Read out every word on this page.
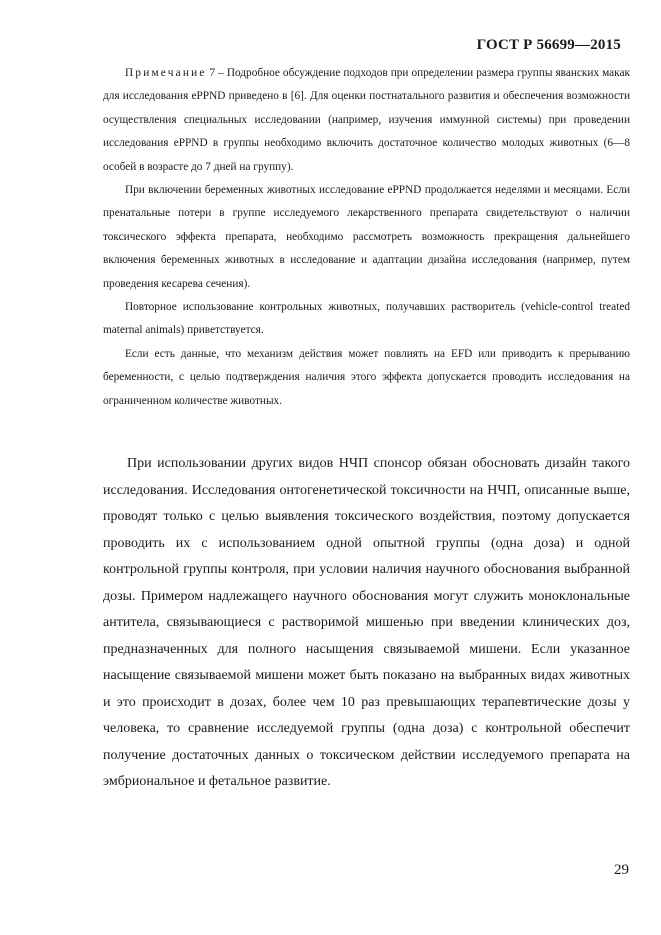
ГОСТ Р 56699—2015

Примечание 7 – Подробное обсуждение подходов при определении размера группы яванских макак для исследования ePPND приведено в [6]. Для оценки постнатального развития и обеспечения возможности осуществления специальных исследовании (например, изучения иммунной системы) при проведении исследования ePPND в группы необходимо включить достаточное количество молодых животных (6—8 особей в возрасте до 7 дней на группу).

При включении беременных животных исследование ePPND продолжается неделями и месяцами. Если пренатальные потери в группе исследуемого лекарственного препарата свидетельствуют о наличии токсического эффекта препарата, необходимо рассмотреть возможность прекращения дальнейшего включения беременных животных в исследование и адаптации дизайна исследования (например, путем проведения кесарева сечения).

Повторное использование контрольных животных, получавших растворитель (vehicle-control treated maternal animals) приветствуется.

Если есть данные, что механизм действия может повлиять на EFD или приводить к прерыванию беременности, с целью подтверждения наличия этого эффекта допускается проводить исследования на ограниченном количестве животных.

При использовании других видов НЧП спонсор обязан обосновать дизайн такого исследования. Исследования онтогенетической токсичности на НЧП, описанные выше, проводят только с целью выявления токсического воздействия, поэтому допускается проводить их с использованием одной опытной группы (одна доза) и одной контрольной группы контроля, при условии наличия научного обоснования выбранной дозы. Примером надлежащего научного обоснования могут служить моноклональные антитела, связывающиеся с растворимой мишенью при введении клинических доз, предназначенных для полного насыщения связываемой мишени. Если указанное насыщение связываемой мишени может быть показано на выбранных видах животных и это происходит в дозах, более чем 10 раз превышающих терапевтические дозы у человека, то сравнение исследуемой группы (одна доза) с контрольной обеспечит получение достаточных данных о токсическом действии исследуемого препарата на эмбриональное и фетальное развитие.

29
